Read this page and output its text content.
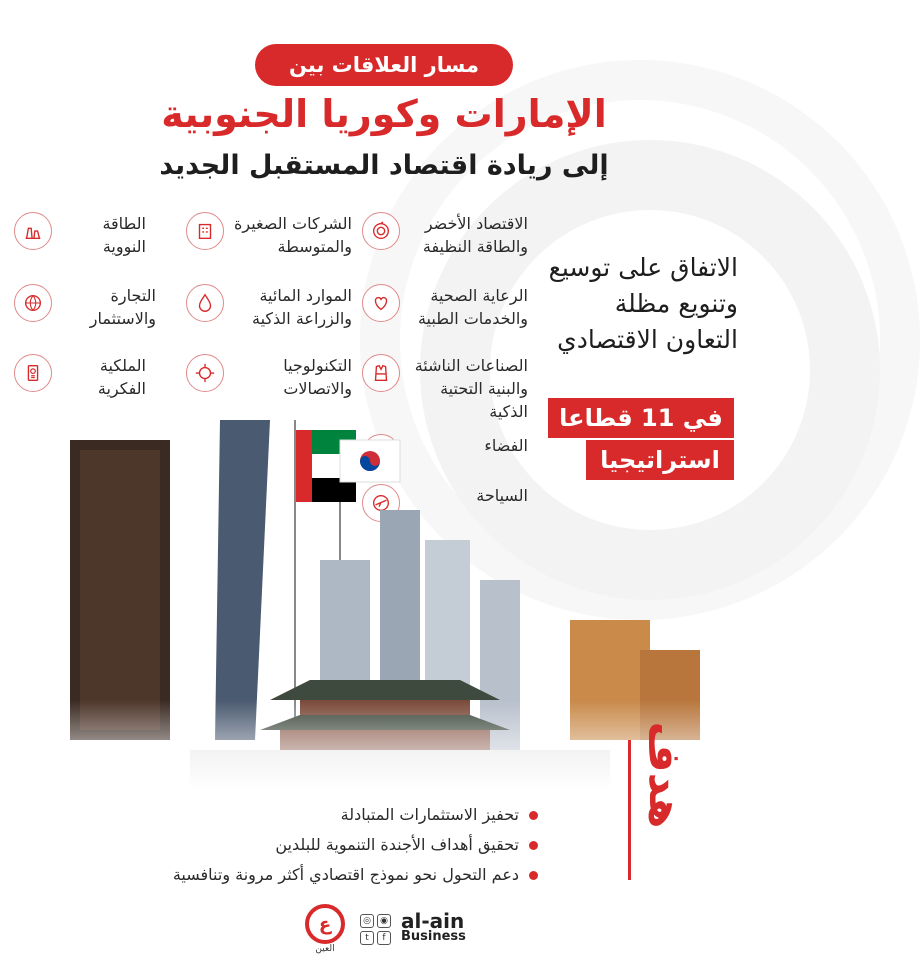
مسار العلاقات بين
الإمارات وكوريا الجنوبية
إلى ريادة اقتصاد المستقبل الجديد
الاقتصاد الأخضر والطاقة النظيفة
الرعاية الصحية والخدمات الطبية
الصناعات الناشئة والبنية التحتية الذكية
الفضاء
السياحة
الشركات الصغيرة والمتوسطة
الموارد المائية والزراعة الذكية
التكنولوجيا والاتصالات
الطاقة النووية
التجارة والاستثمار
الملكية الفكرية
الاتفاق على توسيع وتنويع مظلة التعاون الاقتصادي
في 11 قطاعا
استراتيجيا
هدف
تحفيز الاستثمارات المتبادلة
تحقيق أهداف الأجندة التنموية للبلدين
دعم التحول نحو نموذج اقتصادي أكثر مرونة وتنافسية
ع
العين
◎	◉
t	f
al-ain
Business
